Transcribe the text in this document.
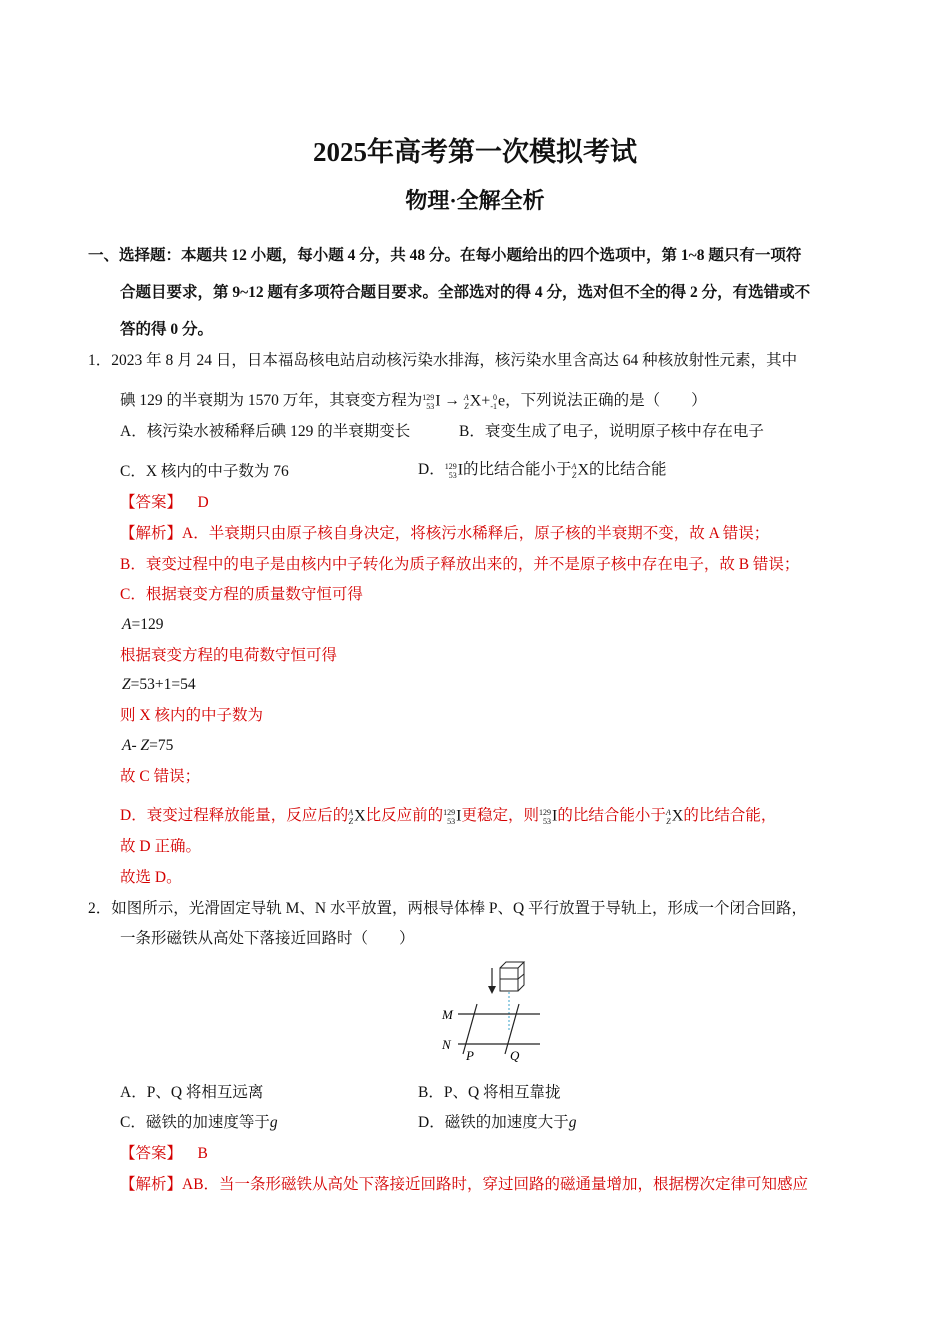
2025年高考第一次模拟考试
物理·全解全析
一、选择题：本题共 12 小题，每小题 4 分，共 48 分。在每小题给出的四个选项中，第 1~8 题只有一项符
合题目要求，第 9~12 题有多项符合题目要求。全部选对的得 4 分，选对但不全的得 2 分，有选错或不
答的得 0 分。
1．2023 年 8 月 24 日，日本福岛核电站启动核污染水排海，核污染水里含高达 64 种核放射性元素，其中
碘 129 的半衰期为 1570 万年，其衰变方程为 129
53 I → A
Z X+ 0
-1 e，下列说法正确的是（　　）
A．核污染水被稀释后碘 129 的半衰期变长	B．衰变生成了电子，说明原子核中存在电子
C．X 核内的中子数为 76	D． 129
53 I的比结合能小于 A
Z X的比结合能
【答案】 D
【解析】A．半衰期只由原子核自身决定，将核污水稀释后，原子核的半衰期不变，故 A 错误；
B．衰变过程中的电子是由核内中子转化为质子释放出来的，并不是原子核中存在电子，故 B 错误；
C．根据衰变方程的质量数守恒可得
A=129
根据衰变方程的电荷数守恒可得
Z=53+1=54
则 X 核内的中子数为
A- Z=75
故 C 错误；
D．衰变过程释放能量，反应后的 A
Z X比反应前的 129
53 I更稳定，则 129
53 I的比结合能小于 A
Z X的比结合能，
故 D 正确。
故选 D。
2．如图所示，光滑固定导轨 M、N 水平放置，两根导体棒 P、Q 平行放置于导轨上，形成一个闭合回路，
一条形磁铁从高处下落接近回路时（　　）
M
N
P	Q
A．P、Q 将相互远离	B．P、Q 将相互靠拢
C．磁铁的加速度等于g	D．磁铁的加速度大于g
【答案】 B
【解析】AB．当一条形磁铁从高处下落接近回路时，穿过回路的磁通量增加，根据楞次定律可知感应
